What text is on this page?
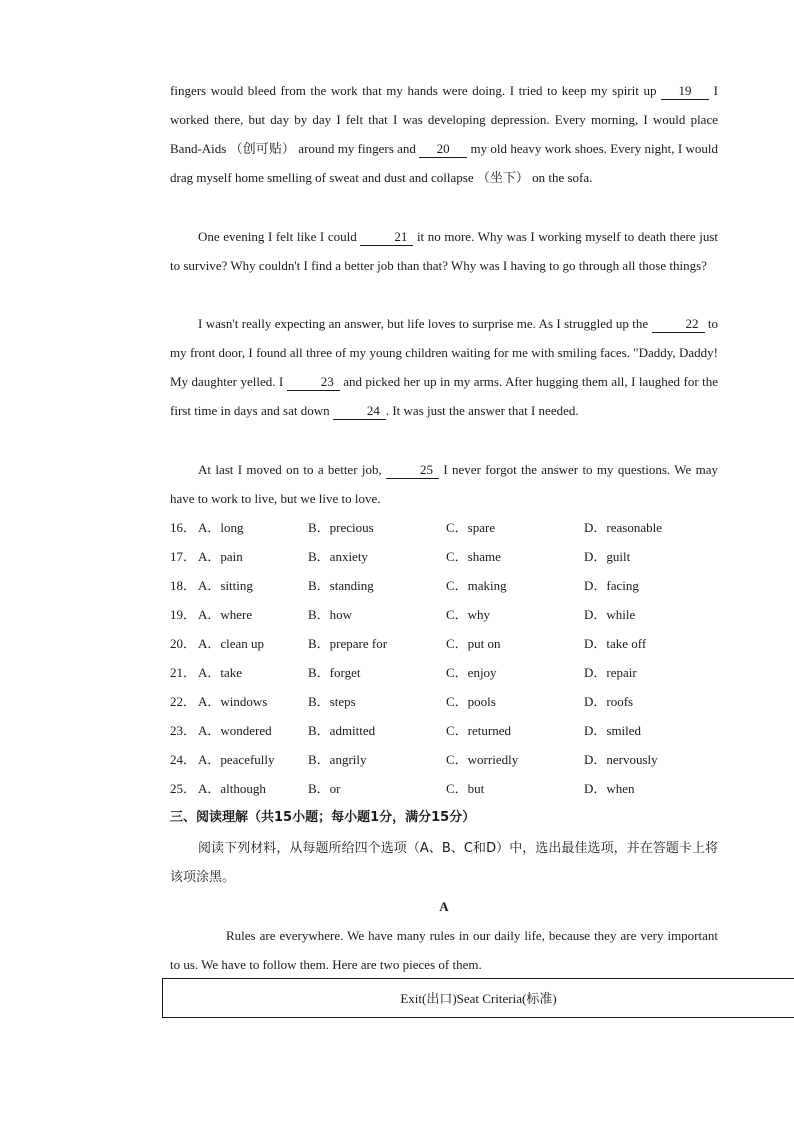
fingers would bleed from the work that my hands were doing. I tried to keep my spirit up 19 I worked there, but day by day I felt that I was developing depression. Every morning, I would place Band-Aids （创可贴） around my fingers and 20 my old heavy work shoes. Every night, I would drag myself home smelling of sweat and dust and collapse （坐下） on the sofa.
One evening I felt like I could	21 it no more. Why was I working myself to death there just to survive? Why couldn't I find a better job than that? Why was I having to go through all those things?
I wasn't really expecting an answer, but life loves to surprise me. As I struggled up the	22 to my front door, I found all three of my young children waiting for me with smiling faces. "Daddy, Daddy! My daughter yelled. I	23 and picked her up in my arms. After hugging them all, I laughed for the first time in days and sat down	24 . It was just the answer that I needed.
At last I moved on to a better job,	25 I never forgot the answer to my questions. We may have to work to live, but we live to love.
16． A．long	B．precious	C．spare	D．reasonable
17． A．pain	B．anxiety	C．shame	D．guilt
18． A．sitting	B．standing	C．making	D．facing
19． A．where	B．how	C．why	D．while
20． A．clean up	B．prepare for	C．put on	D．take off
21． A．take	B．forget	C．enjoy	D．repair
22． A．windows	B．steps	C．pools	D．roofs
23． A．wondered	B．admitted	C．returned	D．smiled
24． A．peacefully	B．angrily	C．worriedly	D．nervously
25． A．although	B．or	C．but	D．when
三、阅读理解（共15小题；每小题1分，满分15分）
阅读下列材料，从每题所给四个选项（A、B、C和D）中，选出最佳选项，并在答题卡上将该项涂黑。
A
Rules are everywhere. We have many rules in our daily life, because they are very important to us. We have to follow them. Here are two pieces of them.
Exit(出口)Seat Criteria(标准)
